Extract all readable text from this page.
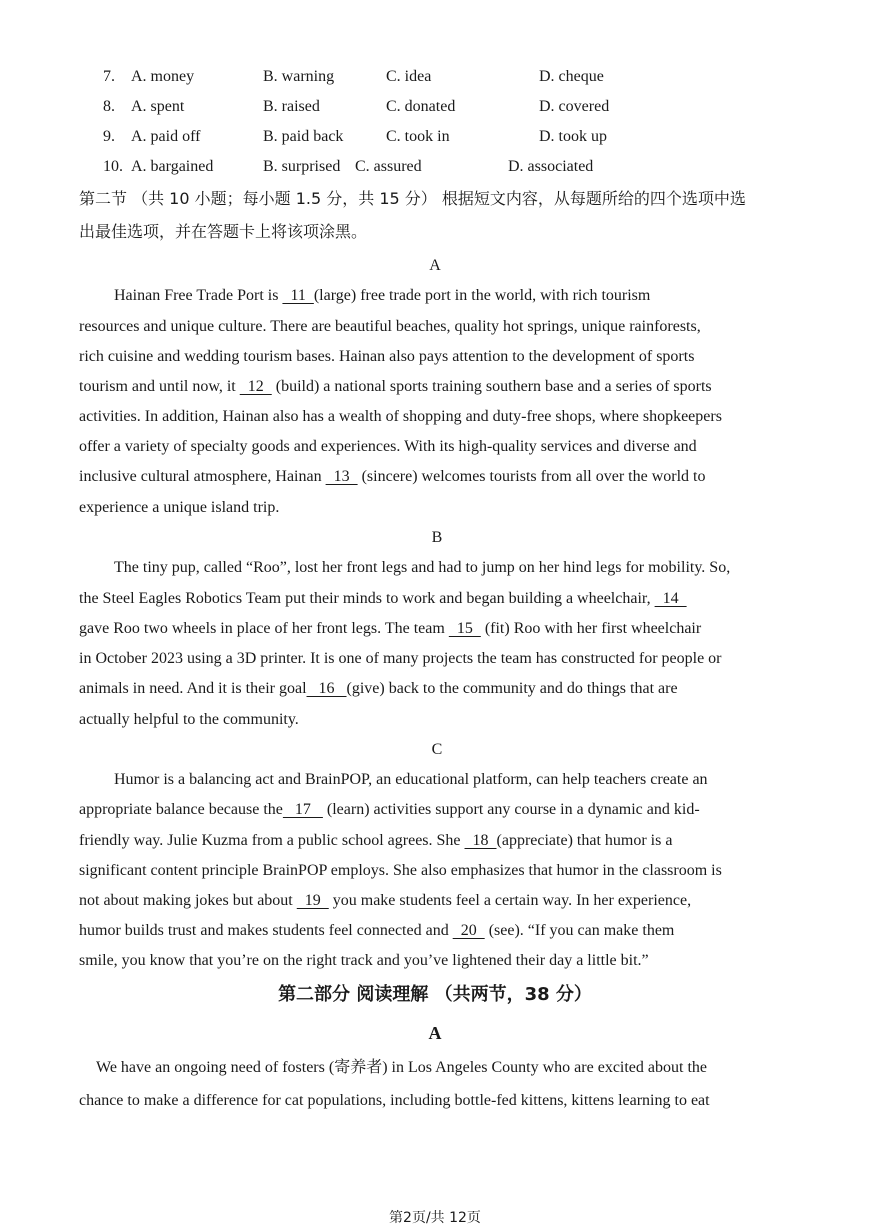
7. A. money	B. warning	C. idea	D. cheque
8. A. spent	B. raised	C. donated	D. covered
9. A. paid off	B. paid back	C. took in	D. took up
10. A. bargained	B. surprised C. assured	D. associated
第二节 （共 10 小题；每小题 1.5 分，共 15 分） 根据短文内容，从每题所给的四个选项中选
出最佳选项，并在答题卡上将该项涂黑。
A
Hainan Free Trade Port is   11  (large) free trade port in the world, with rich tourism
resources and unique culture. There are beautiful beaches, quality hot springs, unique rainforests,
rich cuisine and wedding tourism bases. Hainan also pays attention to the development of sports
tourism and until now, it   12   (build) a national sports training southern base and a series of sports
activities. In addition, Hainan also has a wealth of shopping and duty-free shops, where shopkeepers
offer a variety of specialty goods and experiences. With its high-quality services and diverse and
inclusive cultural atmosphere, Hainan   13   (sincere) welcomes tourists from all over the world to
experience a unique island trip.
B
The tiny pup, called “Roo”, lost her front legs and had to jump on her hind legs for mobility. So,
the Steel Eagles Robotics Team put their minds to work and began building a wheelchair,   14
gave Roo two wheels in place of her front legs. The team   15   (fit) Roo with her first wheelchair
in October 2023 using a 3D printer. It is one of many projects the team has constructed for people or
animals in need. And it is their goal   16   (give) back to the community and do things that are
actually helpful to the community.
C
Humor is a balancing act and BrainPOP, an educational platform, can help teachers create an
appropriate balance because the   17    (learn) activities support any course in a dynamic and kid-
friendly way. Julie Kuzma from a public school agrees. She   18  (appreciate) that humor is a
significant content principle BrainPOP employs. She also emphasizes that humor in the classroom is
not about making jokes but about   19   you make students feel a certain way. In her experience,
humor builds trust and makes students feel connected and   20   (see). “If you can make them
smile, you know that you’re on the right track and you’ve lightened their day a little bit.”
第二部分 阅读理解 （共两节，38 分）
A
We have an ongoing need of fosters (寄养者) in Los Angeles County who are excited about the
chance to make a difference for cat populations, including bottle-fed kittens, kittens learning to eat
第2页/共 12页
